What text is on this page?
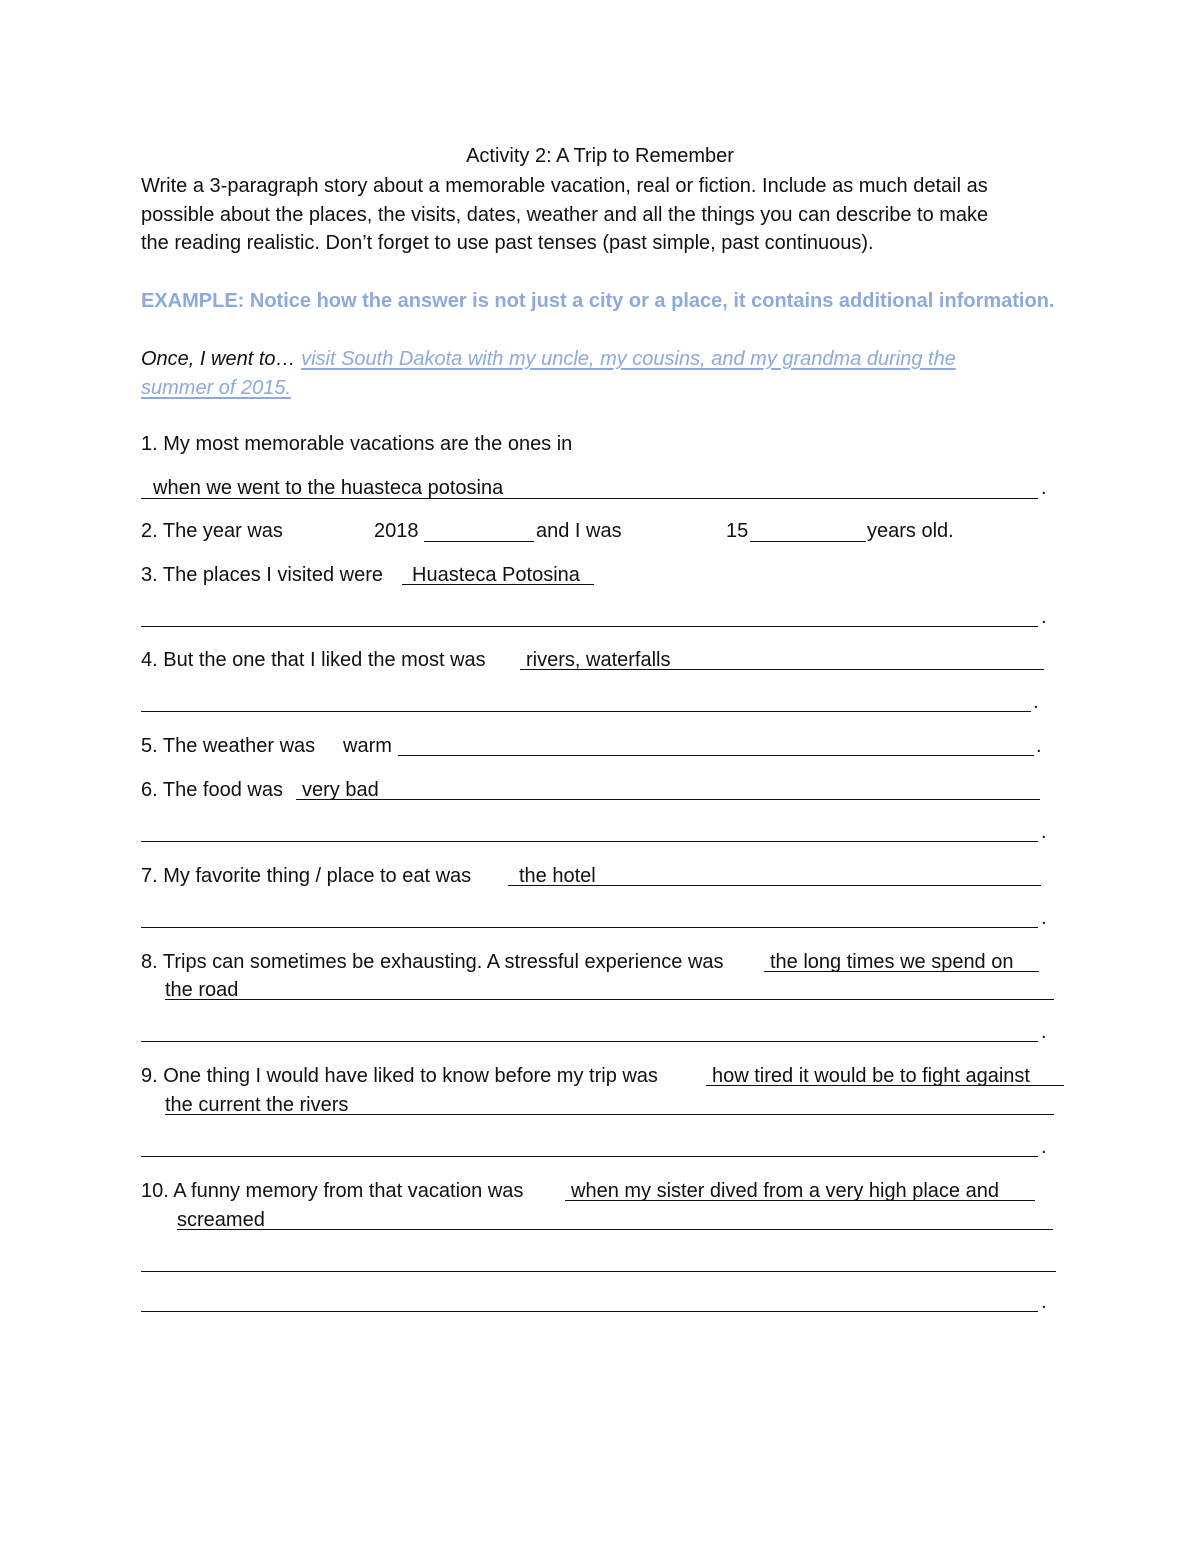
Activity 2: A Trip to Remember
Write a 3-paragraph story about a memorable vacation, real or fiction. Include as much detail as
possible about the places, the visits, dates, weather and all the things you can describe to make
the reading realistic. Don’t forget to use past tenses (past simple, past continuous).
EXAMPLE: Notice how the answer is not just a city or a place, it contains additional information.
Once, I went to… visit South Dakota with my uncle, my cousins, and my grandma during the
summer of 2015.
1. My most memorable vacations are the ones in
when we went to the huasteca potosina	.
2. The year was	2018	and I was	15	years old.
3. The places I visited were Huasteca Potosina
.
4. But the one that I liked the most was rivers, waterfalls
.
5. The weather was warm	.
6. The food was very bad
.
7. My favorite thing / place to eat was the hotel
.
8. Trips can sometimes be exhausting. A stressful experience was the long times we spend on
the road
.
9. One thing I would have liked to know before my trip was	how tired it would be to fight against
the current the rivers
.
10. A funny memory from that vacation was when my sister dived from a very high place and
screamed
.
